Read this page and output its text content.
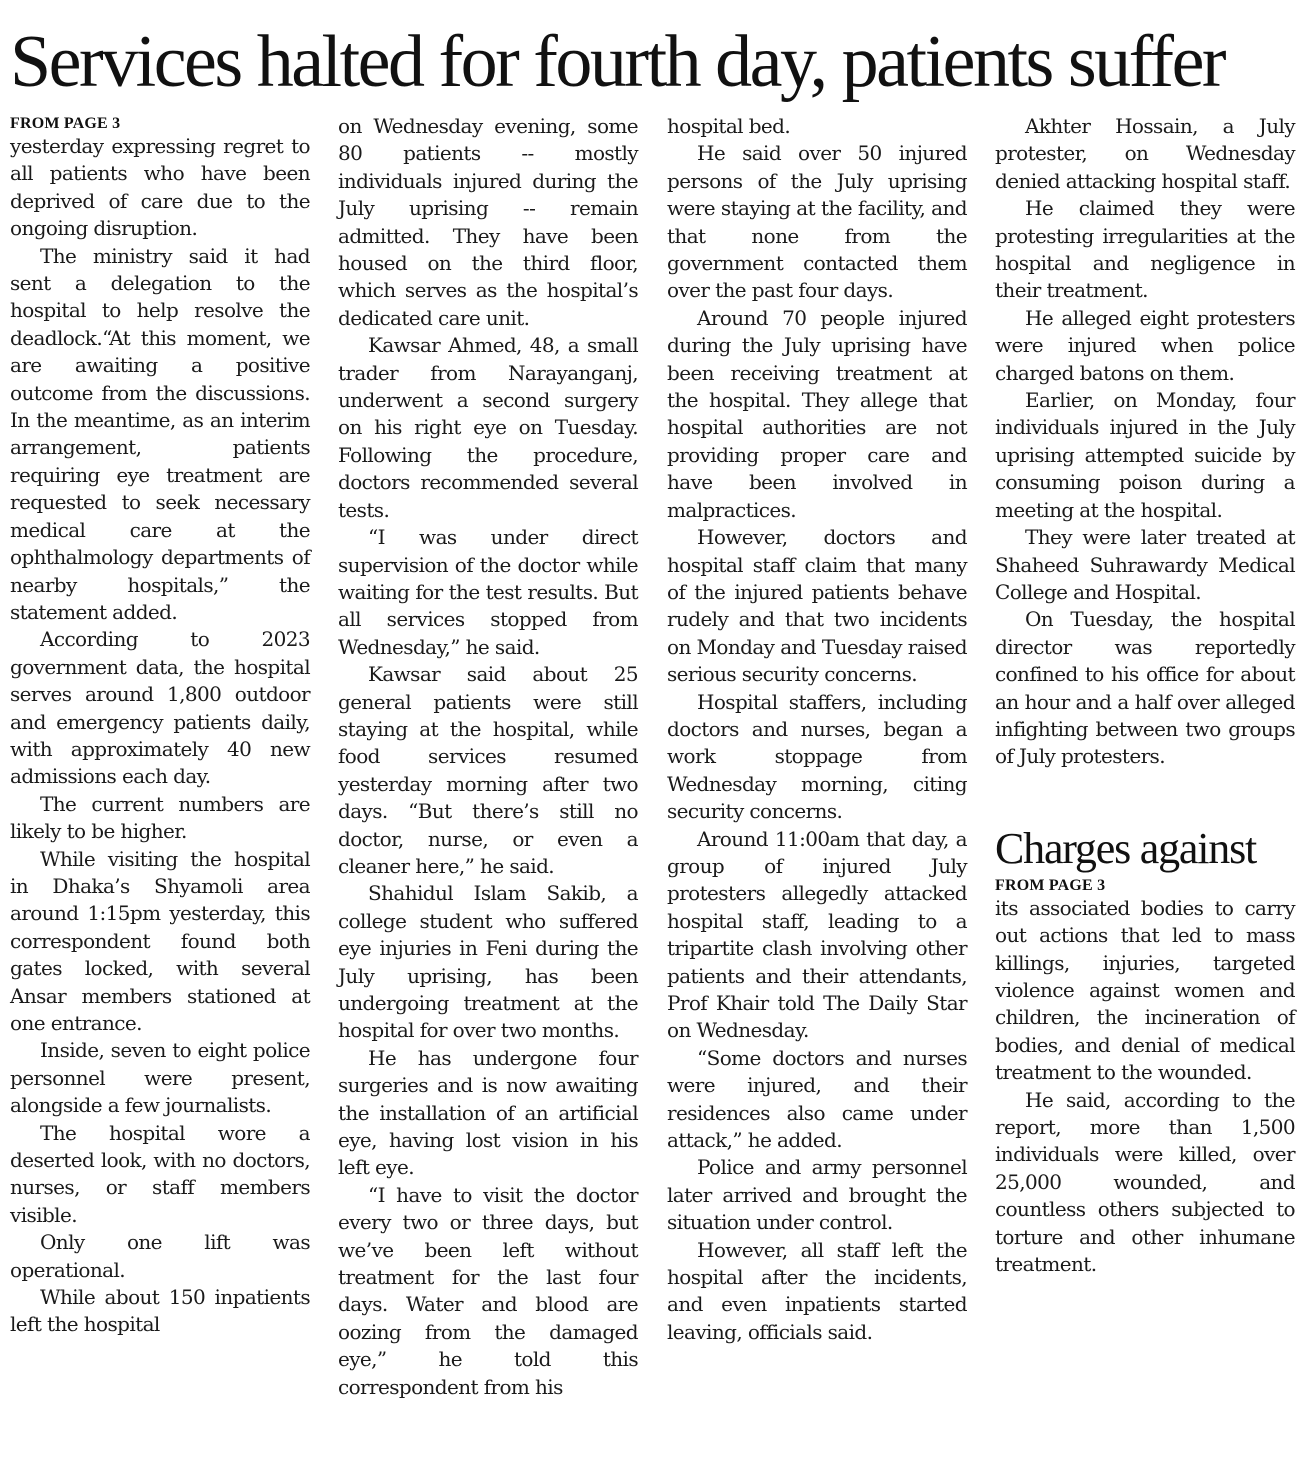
Services halted for fourth day, patients suffer
FROM PAGE 3

yesterday expressing regret to all patients who have been deprived of care due to the ongoing disruption.

The ministry said it had sent a delegation to the hospital to help resolve the deadlock.“At this moment, we are awaiting a positive outcome from the discussions. In the meantime, as an interim arrangement, patients requiring eye treatment are requested to seek necessary medical care at the ophthalmology departments of nearby hospitals,” the statement added.

According to 2023 government data, the hospital serves around 1,800 outdoor and emergency patients daily, with approximately 40 new admissions each day.

The current numbers are likely to be higher.

While visiting the hospital in Dhaka’s Shyamoli area around 1:15pm yesterday, this correspondent found both gates locked, with several Ansar members stationed at one entrance.

Inside, seven to eight police personnel were present, alongside a few journalists.

The hospital wore a deserted look, with no doctors, nurses, or staff members visible.

Only one lift was operational.

While about 150 inpatients left the hospital

on Wednesday evening, some 80 patients -- mostly individuals injured during the July uprising -- remain admitted. They have been housed on the third floor, which serves as the hospital’s dedicated care unit.

Kawsar Ahmed, 48, a small trader from Narayanganj, underwent a second surgery on his right eye on Tuesday. Following the procedure, doctors recommended several tests.

“I was under direct supervision of the doctor while waiting for the test results. But all services stopped from Wednesday,” he said.

Kawsar said about 25 general patients were still staying at the hospital, while food services resumed yesterday morning after two days. “But there’s still no doctor, nurse, or even a cleaner here,” he said.

Shahidul Islam Sakib, a college student who suffered eye injuries in Feni during the July uprising, has been undergoing treatment at the hospital for over two months.

He has undergone four surgeries and is now awaiting the installation of an artificial eye, having lost vision in his left eye.

“I have to visit the doctor every two or three days, but we’ve been left without treatment for the last four days. Water and blood are oozing from the damaged eye,” he told this correspondent from his

hospital bed.

He said over 50 injured persons of the July uprising were staying at the facility, and that none from the government contacted them over the past four days.

Around 70 people injured during the July uprising have been receiving treatment at the hospital. They allege that hospital authorities are not providing proper care and have been involved in malpractices.

However, doctors and hospital staff claim that many of the injured patients behave rudely and that two incidents on Monday and Tuesday raised serious security concerns.

Hospital staffers, including doctors and nurses, began a work stoppage from Wednesday morning, citing security concerns.

Around 11:00am that day, a group of injured July protesters allegedly attacked hospital staff, leading to a tripartite clash involving other patients and their attendants, Prof Khair told The Daily Star on Wednesday.

“Some doctors and nurses were injured, and their residences also came under attack,” he added.

Police and army personnel later arrived and brought the situation under control.

However, all staff left the hospital after the incidents, and even inpatients started leaving, officials said.

Akhter Hossain, a July protester, on Wednesday denied attacking hospital staff.

He claimed they were protesting irregularities at the hospital and negligence in their treatment.

He alleged eight protesters were injured when police charged batons on them.

Earlier, on Monday, four individuals injured in the July uprising attempted suicide by consuming poison during a meeting at the hospital.

They were later treated at Shaheed Suhrawardy Medical College and Hospital.

On Tuesday, the hospital director was reportedly confined to his office for about an hour and a half over alleged infighting between two groups of July protesters.

Charges against
FROM PAGE 3

its associated bodies to carry out actions that led to mass killings, injuries, targeted violence against women and children, the incineration of bodies, and denial of medical treatment to the wounded.

He said, according to the report, more than 1,500 individuals were killed, over 25,000 wounded, and countless others subjected to torture and other inhumane treatment.
